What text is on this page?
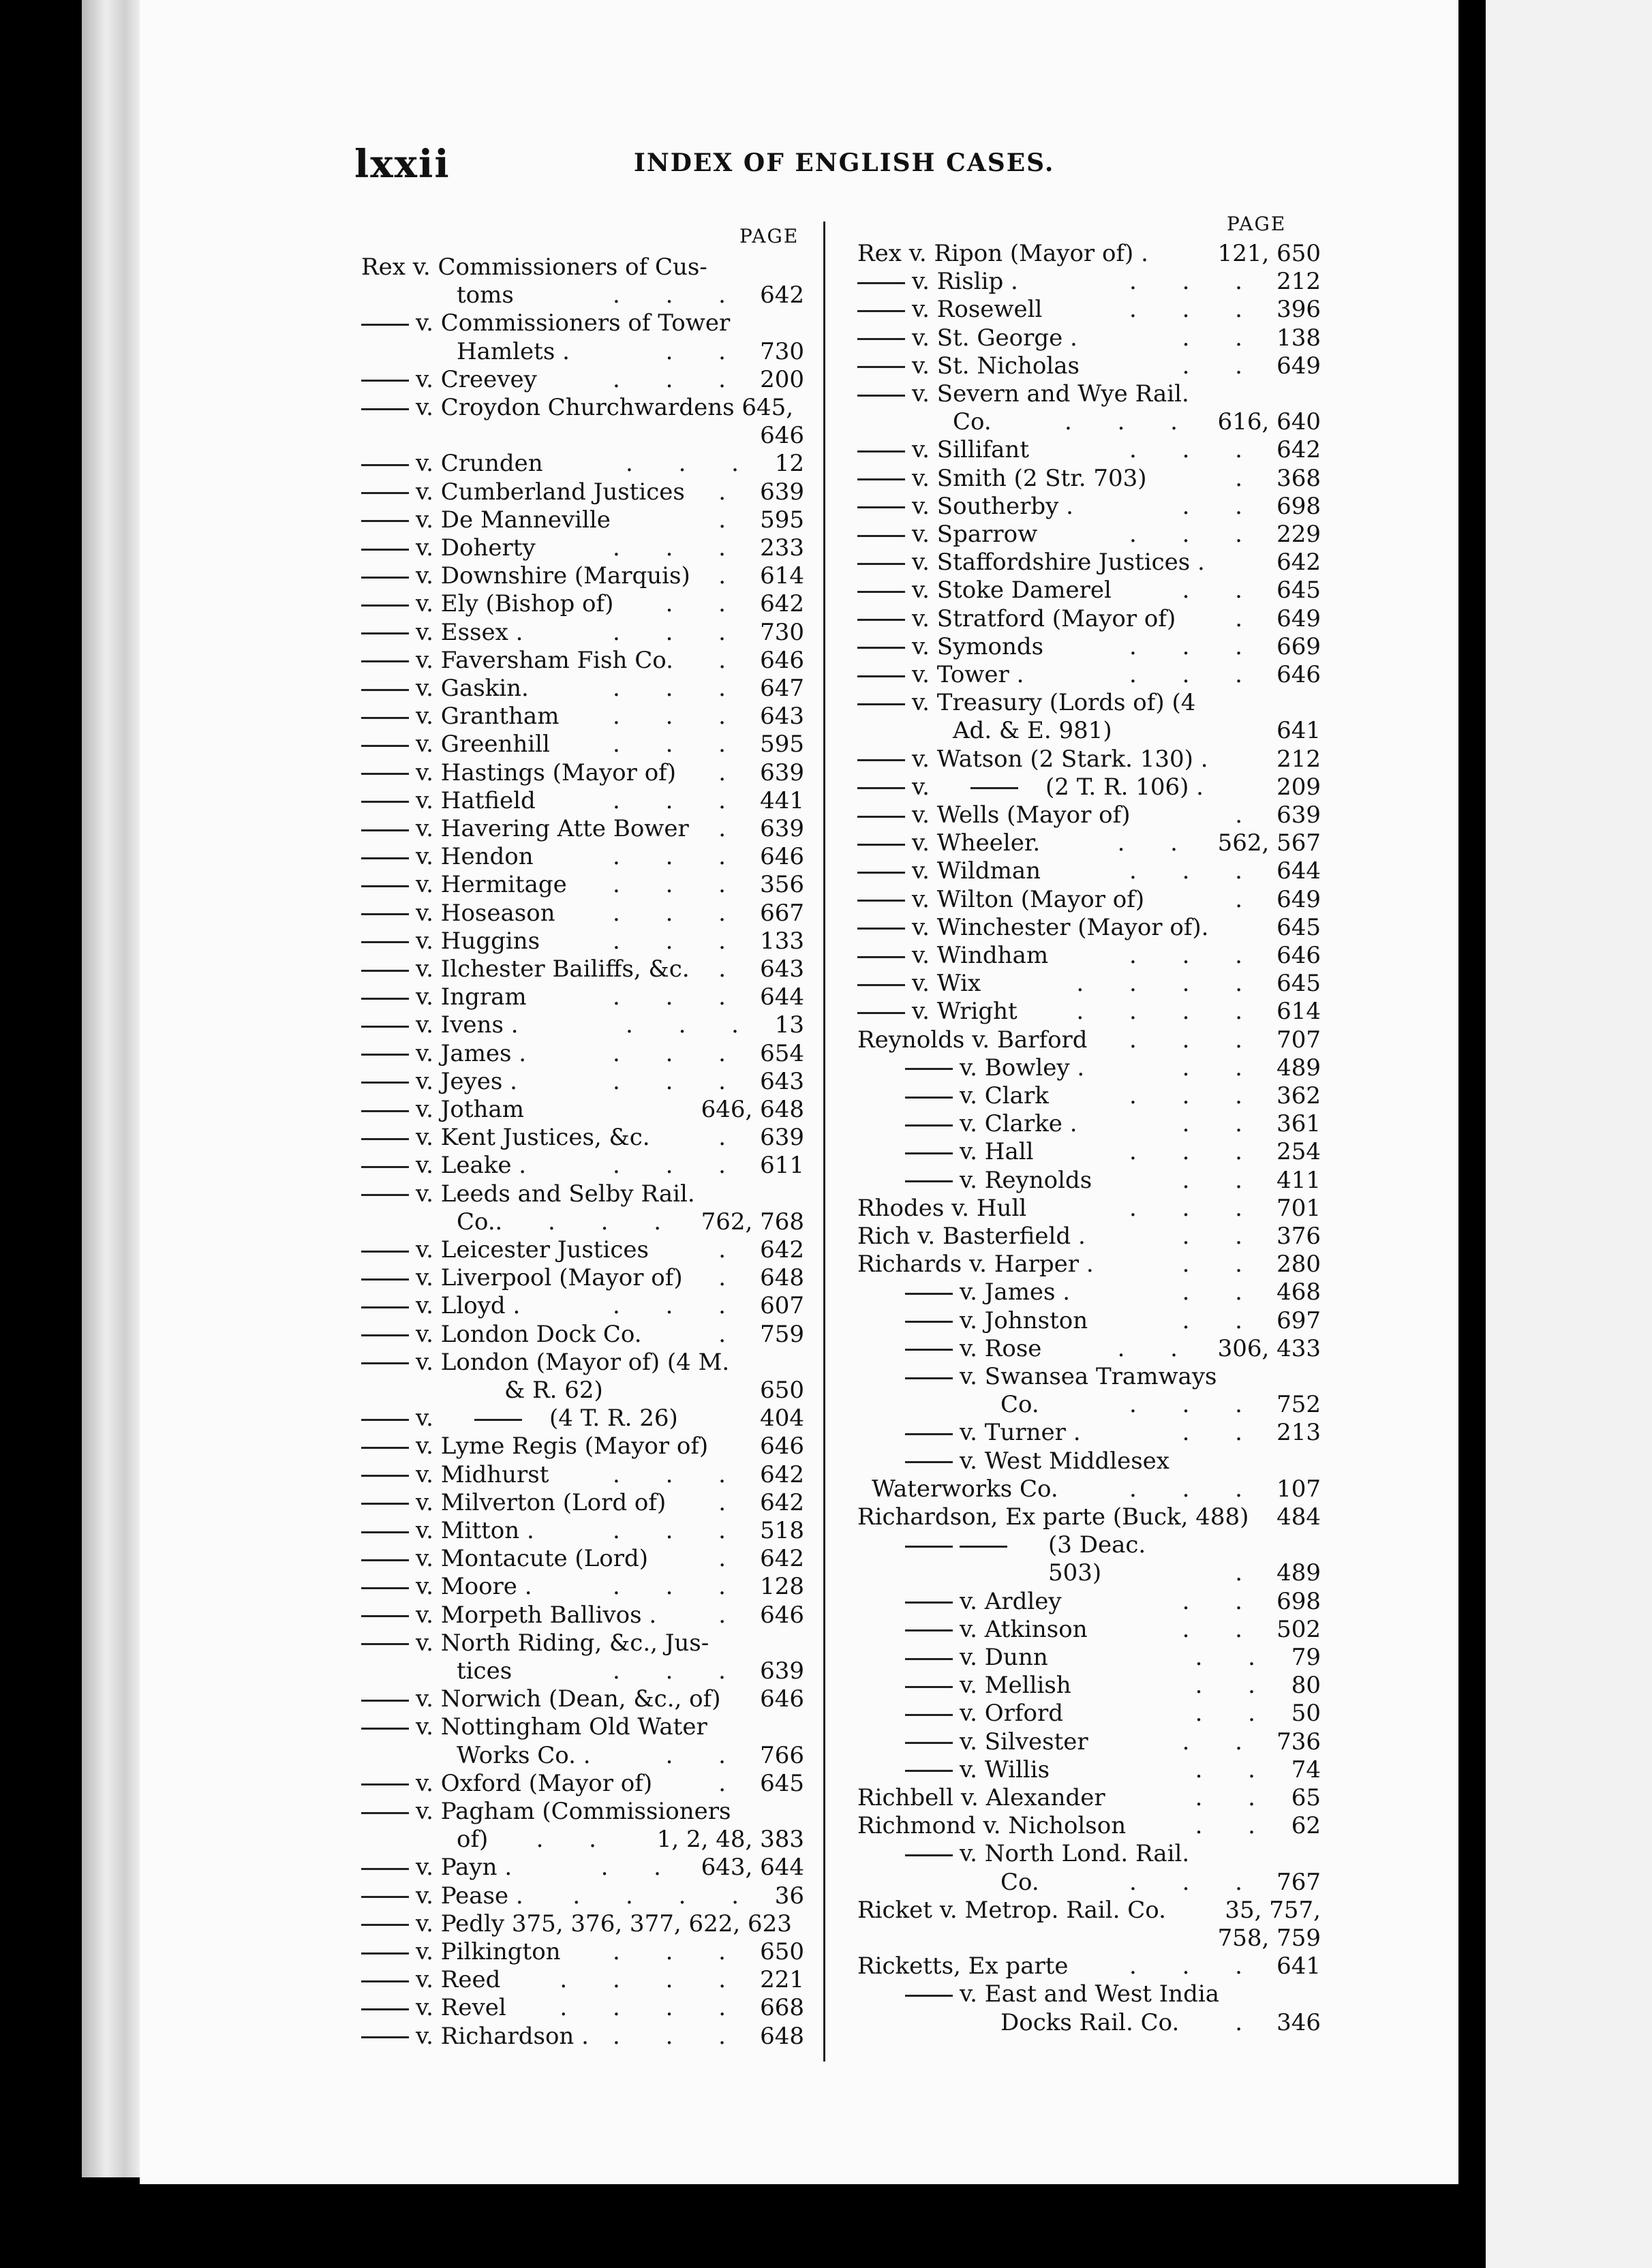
lxxii	INDEX OF ENGLISH CASES.
PAGE
PAGE
Rex v. Commissioners of Cus-
toms	. . . 642
v. Commissioners of Tower
Hamlets .	. . 730
v. Creevey	. . . 200
v. Croydon Churchwardens 645,
646
v. Crunden	. . . 12
v. Cumberland Justices . 639
v. De Manneville	. 595
v. Doherty	. . . 233
v. Downshire (Marquis) . 614
v. Ely (Bishop of) . . 642
v. Essex .	. . . 730
v. Faversham Fish Co. . 646
v. Gaskin.	. . . 647
v. Grantham . . . 643
v. Greenhill	. . . 595
v. Hastings (Mayor of) . 639
v. Hatfield	. . . 441
v. Havering Atte Bower . 639
v. Hendon	. . . 646
v. Hermitage . . . 356
v. Hoseason . . . 667
v. Huggins	. . . 133
v. Ilchester Bailiffs, &c. . 643
v. Ingram	. . . 644
v. Ivens .	. . . 13
v. James .	. . . 654
v. Jeyes .	. . . 643
v. Jotham	646, 648
v. Kent Justices, &c.	. 639
v. Leake .	. . . 611
v. Leeds and Selby Rail.
Co. . . . . 762, 768
v. Leicester Justices	. 642
v. Liverpool (Mayor of) . 648
v. Lloyd .	. . . 607
v. London Dock Co.	. 759
v. London (Mayor of) (4 M.
& R. 62)	650
v.	(4 T. R. 26)	404
v. Lyme Regis (Mayor of) 646
v. Midhurst	. . . 642
v. Milverton (Lord of) . 642
v. Mitton .	. . . 518
v. Montacute (Lord)	. 642
v. Moore .	. . . 128
v. Morpeth Ballivos .	. 646
v. North Riding, &c., Jus-
tices	. . . 639
v. Norwich (Dean, &c., of) 646
v. Nottingham Old Water
Works Co. .	. . 766
v. Oxford (Mayor of)	. 645
v. Pagham (Commissioners
of) . . 1, 2, 48, 383
v. Payn .	. . 643, 644
v. Pease . . . . . 36
v. Pedly 375, 376, 377, 622, 623
v. Pilkington . . . 650
v. Reed	. . . . 221
v. Revel . . . . 668
v. Richardson . . . . 648
Rex v. Ripon (Mayor of) .	121, 650
v. Rislip .	. . . 212
v. Rosewell	. . . 396
v. St. George .	. . 138
v. St. Nicholas	. . 649
v. Severn and Wye Rail.
Co.	. . . 616, 640
v. Sillifant	. . . 642
v. Smith (2 Str. 703)	. 368
v. Southerby .	. . 698
v. Sparrow	. . . 229
v. Staffordshire Justices .	642
v. Stoke Damerel	. . 645
v. Stratford (Mayor of)	. 649
v. Symonds	. . . 669
v. Tower .	. . . 646
v. Treasury (Lords of) (4
Ad. & E. 981)	641
v. Watson (2 Stark. 130) .	212
v.	(2 T. R. 106) .	209
v. Wells (Mayor of)	. 639
v. Wheeler.	. . 562, 567
v. Wildman	. . . 644
v. Wilton (Mayor of)	. 649
v. Winchester (Mayor of).	645
v. Windham	. . . 646
v. Wix	. . . . 645
v. Wright	. . . . 614
Reynolds v. Barford . . . 707
v. Bowley .	. . 489
v. Clark	. . . 362
v. Clarke .	. . 361
v. Hall	. . . 254
v. Reynolds	. . 411
Rhodes v. Hull	. . . 701
Rich v. Basterfield .	. . 376
Richards v. Harper .	. . 280
v. James .	. . 468
v. Johnston	. . 697
v. Rose	. . 306, 433
v. Swansea Tramways
Co.	. . . 752
v. Turner .	. . 213
v. West Middlesex
Waterworks Co.	. . . 107
Richardson, Ex parte (Buck, 488) 484
(3 Deac.
503)	. 489
v. Ardley	. . 698
v. Atkinson	. . 502
v. Dunn	. . 79
v. Mellish	. . 80
v. Orford	. . 50
v. Silvester	. . 736
v. Willis	. . 74
Richbell v. Alexander	. . 65
Richmond v. Nicholson	. . 62
v. North Lond. Rail.
Co.	. . . 767
Ricket v. Metrop. Rail. Co.	35, 757,
758, 759
Ricketts, Ex parte	. . . 641
v. East and West India
Docks Rail. Co. . 346
